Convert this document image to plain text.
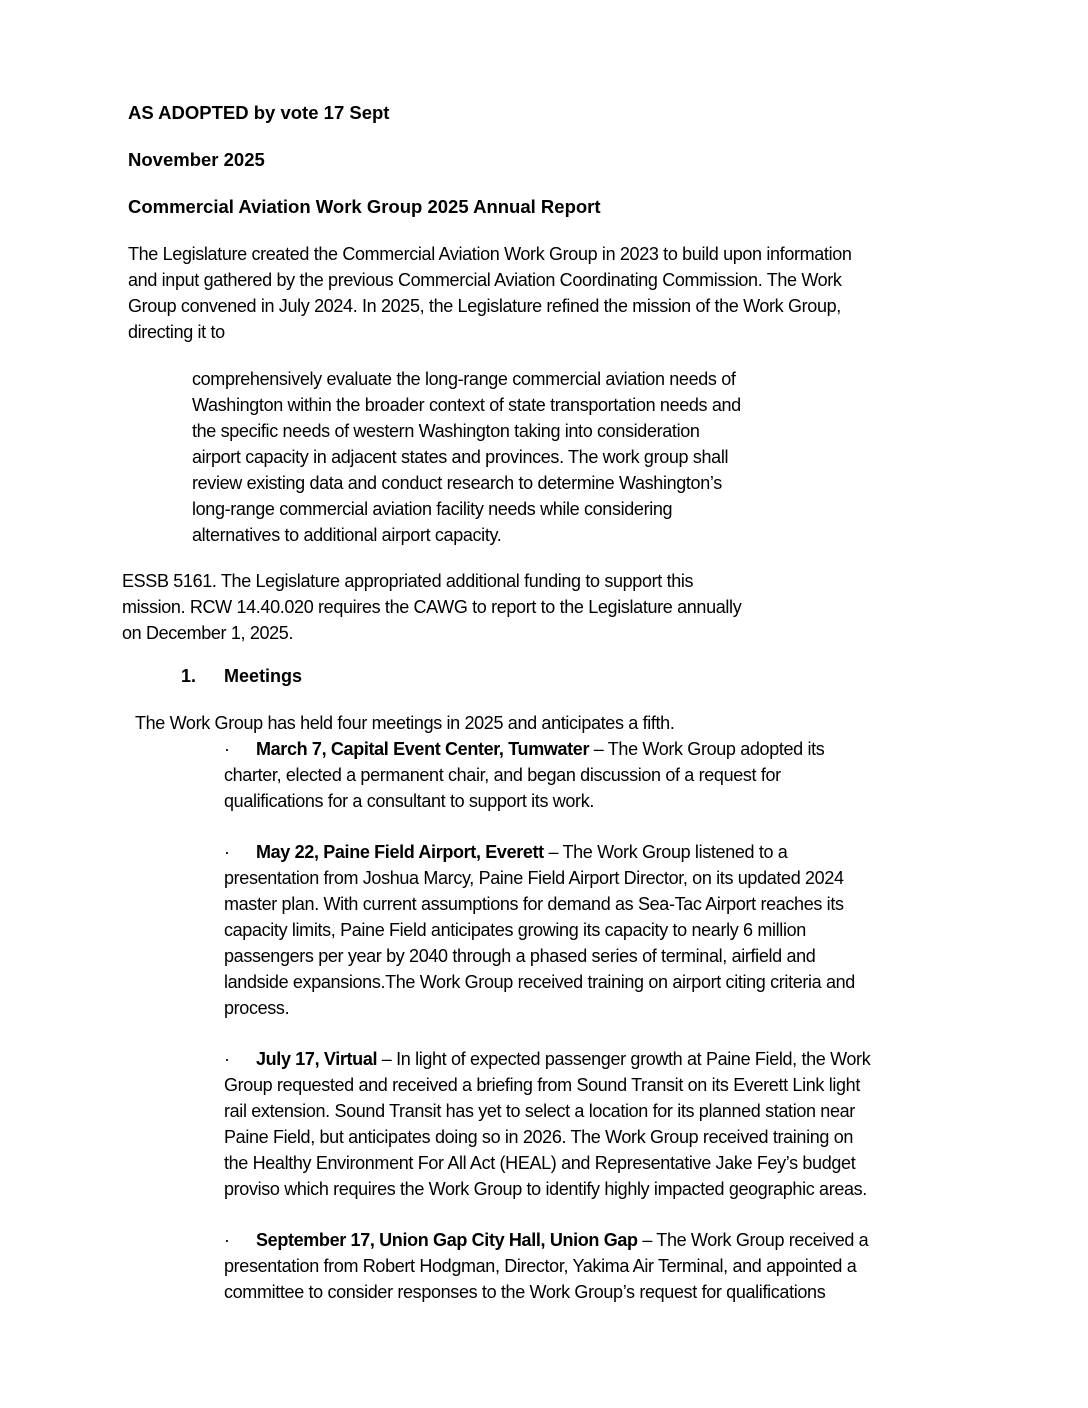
AS ADOPTED by vote 17 Sept
November 2025
Commercial Aviation Work Group 2025 Annual Report
The Legislature created the Commercial Aviation Work Group in 2023 to build upon information
and input gathered by the previous Commercial Aviation Coordinating Commission. The Work
Group convened in July 2024. In 2025, the Legislature refined the mission of the Work Group,
directing it to
comprehensively evaluate the long-range commercial aviation needs of
Washington within the broader context of state transportation needs and
the specific needs of western Washington taking into consideration
airport capacity in adjacent states and provinces. The work group shall
review existing data and conduct research to determine Washington’s
long-range commercial aviation facility needs while considering
alternatives to additional airport capacity.
ESSB 5161. The Legislature appropriated additional funding to support this
mission. RCW 14.40.020 requires the CAWG to report to the Legislature annually
on December 1, 2025.
1. Meetings
The Work Group has held four meetings in 2025 and anticipates a fifth.
· March 7, Capital Event Center, Tumwater – The Work Group adopted its
charter, elected a permanent chair, and began discussion of a request for
qualifications for a consultant to support its work.
· May 22, Paine Field Airport, Everett – The Work Group listened to a
presentation from Joshua Marcy, Paine Field Airport Director, on its updated 2024
master plan. With current assumptions for demand as Sea-Tac Airport reaches its
capacity limits, Paine Field anticipates growing its capacity to nearly 6 million
passengers per year by 2040 through a phased series of terminal, airfield and
landside expansions.The Work Group received training on airport citing criteria and
process.
· July 17, Virtual – In light of expected passenger growth at Paine Field, the Work
Group requested and received a briefing from Sound Transit on its Everett Link light
rail extension. Sound Transit has yet to select a location for its planned station near
Paine Field, but anticipates doing so in 2026. The Work Group received training on
the Healthy Environment For All Act (HEAL) and Representative Jake Fey’s budget
proviso which requires the Work Group to identify highly impacted geographic areas.
· September 17, Union Gap City Hall, Union Gap – The Work Group received a
presentation from Robert Hodgman, Director, Yakima Air Terminal, and appointed a
committee to consider responses to the Work Group’s request for qualifications
